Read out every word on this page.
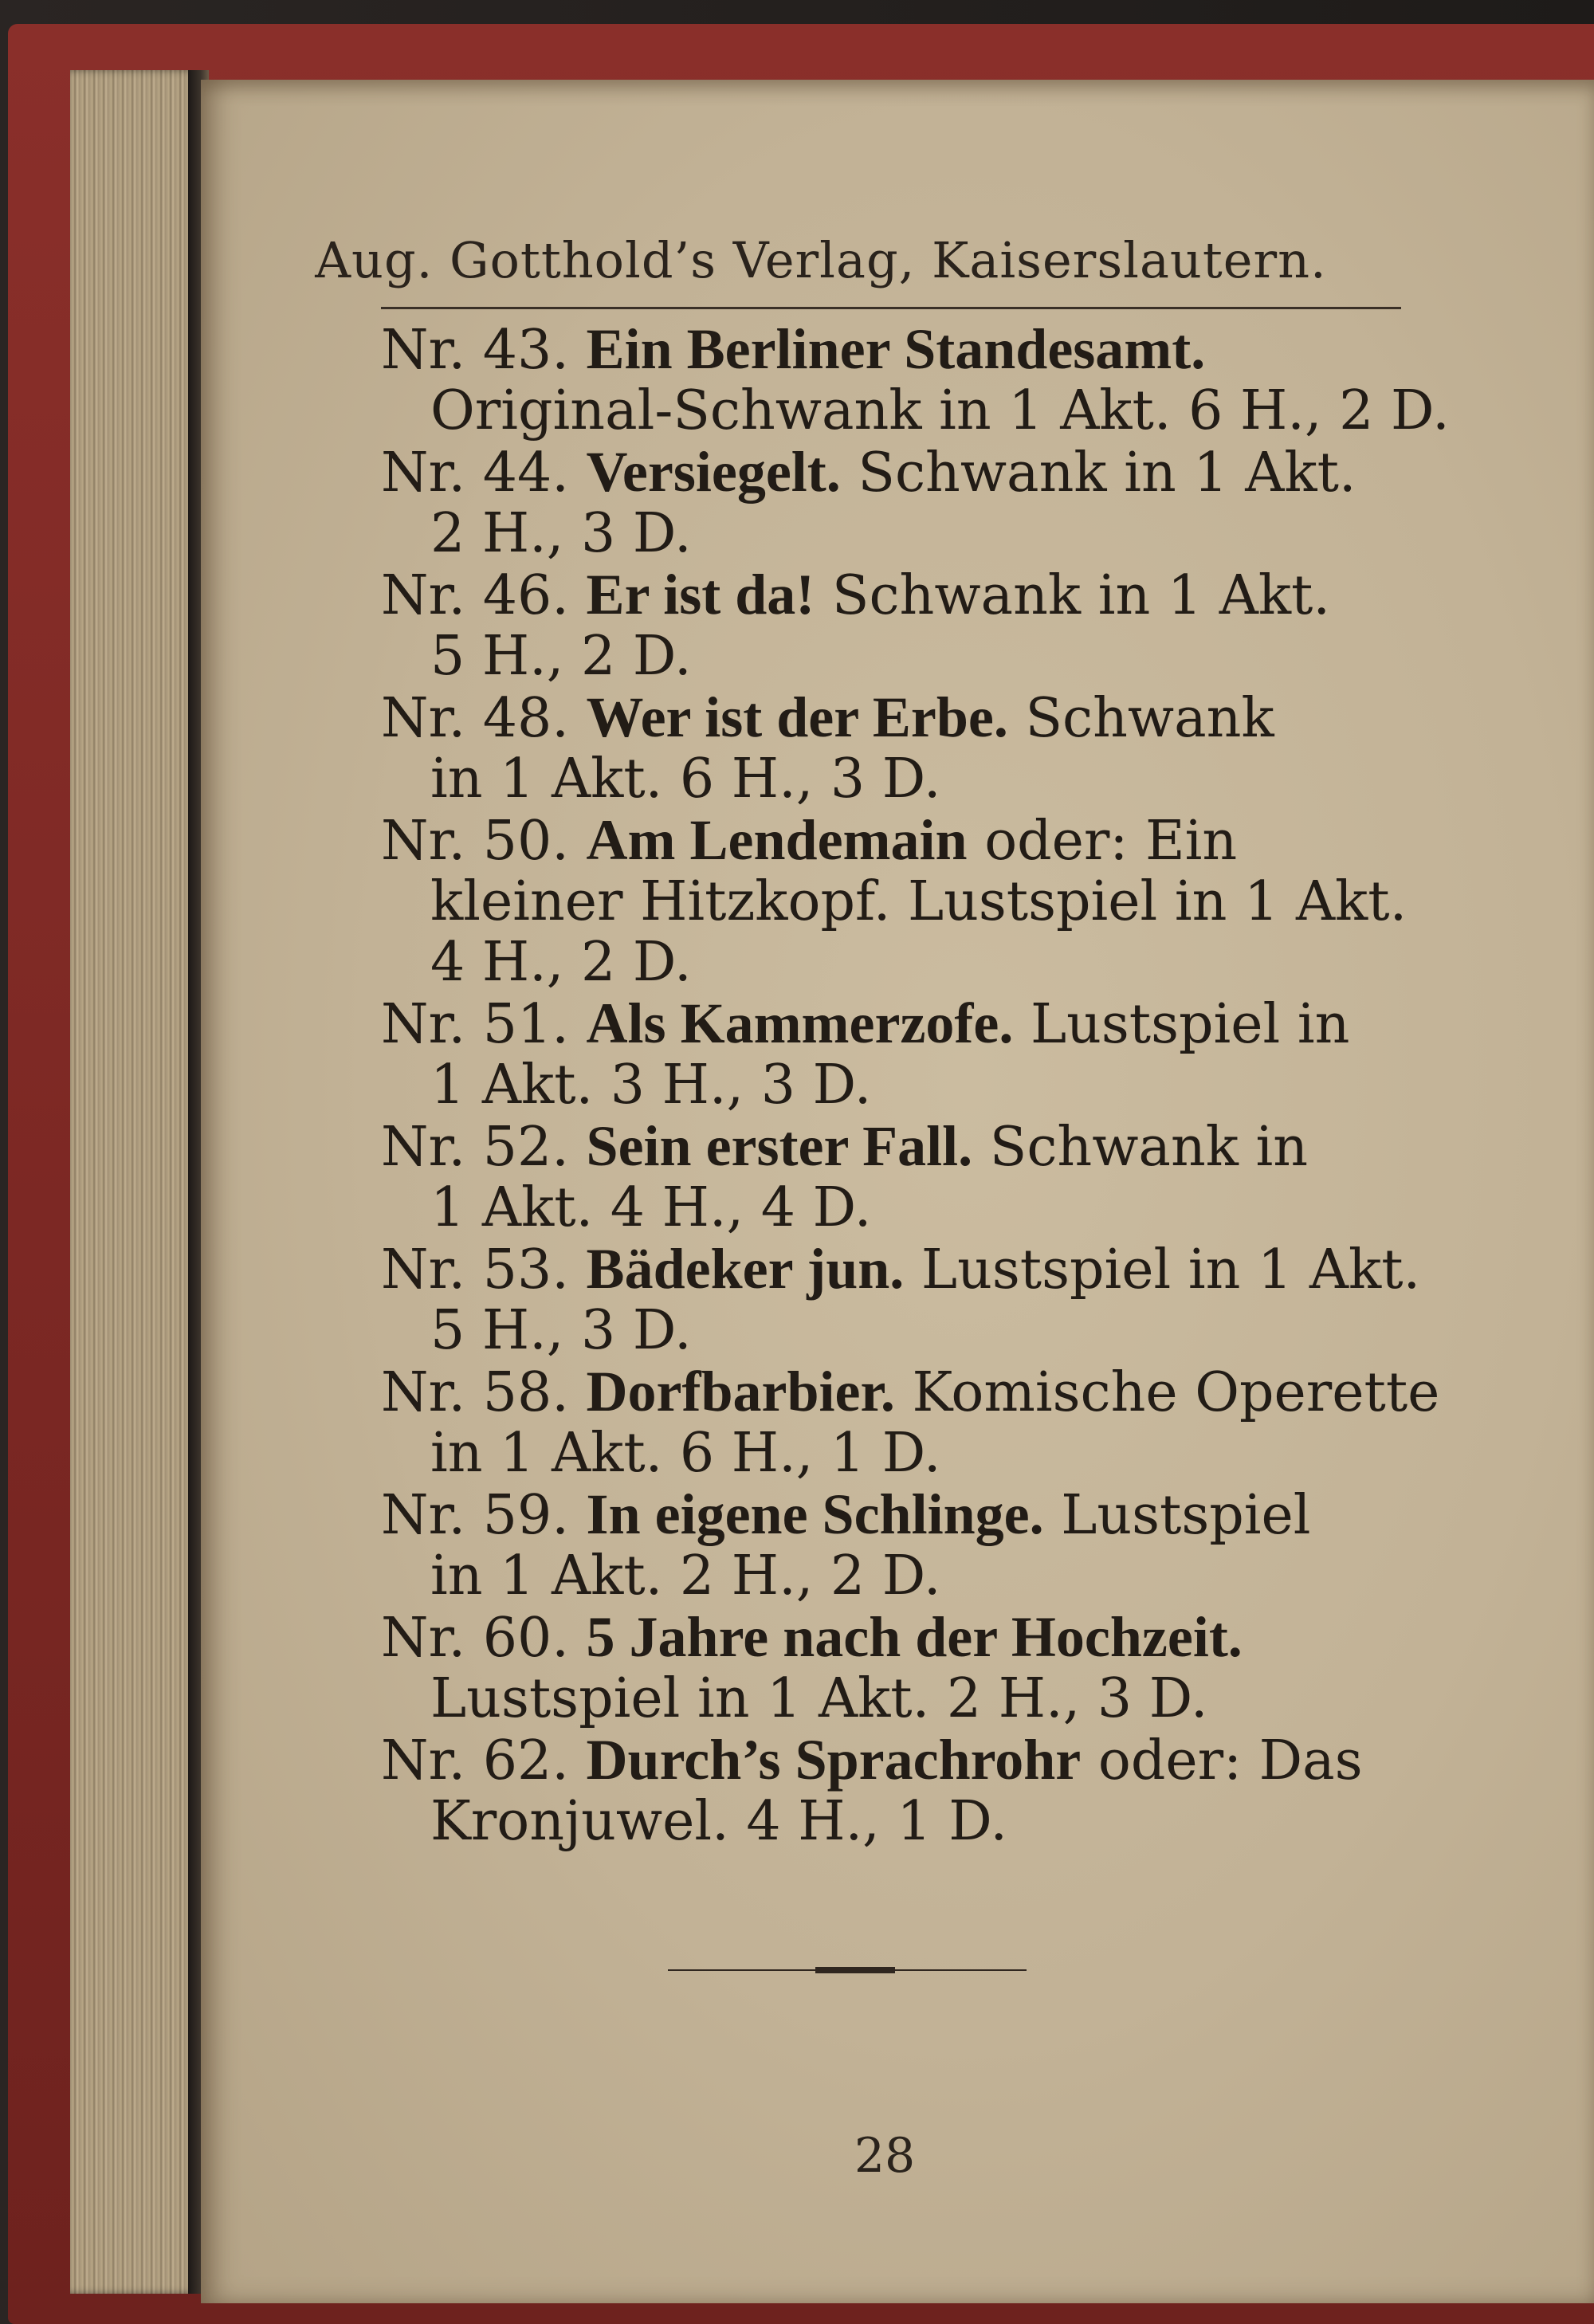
Aug. Gotthold’s Verlag, Kaiserslautern.
Nr. 43. Ein Berliner Standesamt.
Original-Schwank in 1 Akt. 6 H., 2 D.
Nr. 44. Versiegelt. Schwank in 1 Akt.
2 H., 3 D.
Nr. 46. Er ist da! Schwank in 1 Akt.
5 H., 2 D.
Nr. 48. Wer ist der Erbe. Schwank
in 1 Akt. 6 H., 3 D.
Nr. 50. Am Lendemain oder: Ein
kleiner Hitzkopf. Lustspiel in 1 Akt.
4 H., 2 D.
Nr. 51. Als Kammerzofe. Lustspiel in
1 Akt. 3 H., 3 D.
Nr. 52. Sein erster Fall. Schwank in
1 Akt. 4 H., 4 D.
Nr. 53. Bädeker jun. Lustspiel in 1 Akt.
5 H., 3 D.
Nr. 58. Dorfbarbier. Komische Operette
in 1 Akt. 6 H., 1 D.
Nr. 59. In eigene Schlinge. Lustspiel
in 1 Akt. 2 H., 2 D.
Nr. 60. 5 Jahre nach der Hochzeit.
Lustspiel in 1 Akt. 2 H., 3 D.
Nr. 62. Durch’s Sprachrohr oder: Das
Kronjuwel. 4 H., 1 D.
28
